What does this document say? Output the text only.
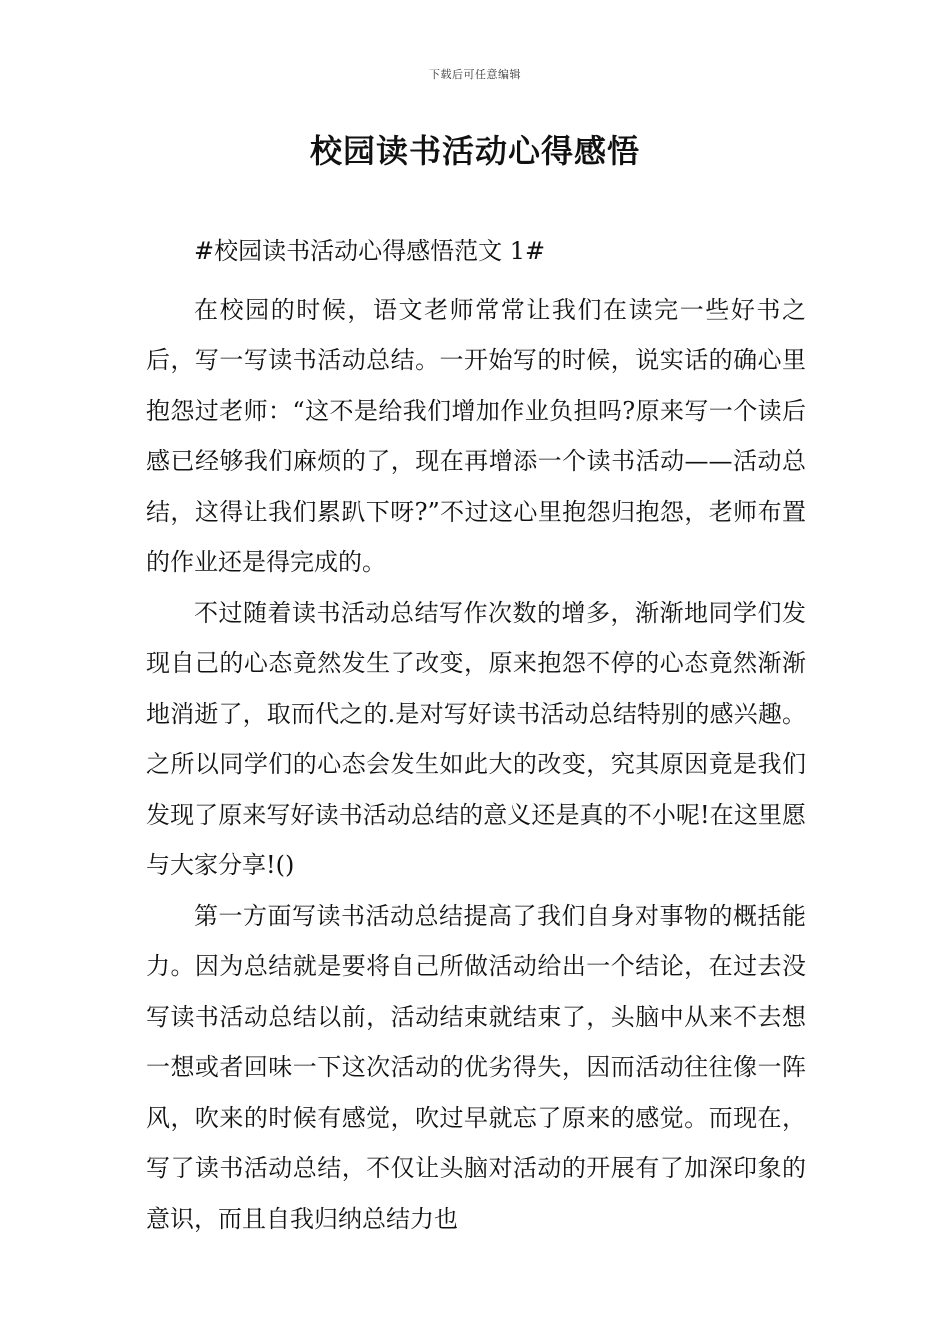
下载后可任意编辑
校园读书活动心得感悟

#校园读书活动心得感悟范文 1#

在校园的时候，语文老师常常让我们在读完一些好书之后，写一写读书活动总结。一开始写的时候，说实话的确心里抱怨过老师：“这不是给我们增加作业负担吗?原来写一个读后感已经够我们麻烦的了，现在再增添一个读书活动——活动总结，这得让我们累趴下呀?”不过这心里抱怨归抱怨，老师布置的作业还是得完成的。

不过随着读书活动总结写作次数的增多，渐渐地同学们发现自己的心态竟然发生了改变，原来抱怨不停的心态竟然渐渐地消逝了，取而代之的.是对写好读书活动总结特别的感兴趣。之所以同学们的心态会发生如此大的改变，究其原因竟是我们发现了原来写好读书活动总结的意义还是真的不小呢!在这里愿与大家分享!()

第一方面写读书活动总结提高了我们自身对事物的概括能力。因为总结就是要将自己所做活动给出一个结论，在过去没写读书活动总结以前，活动结束就结束了，头脑中从来不去想一想或者回味一下这次活动的优劣得失，因而活动往往像一阵风，吹来的时候有感觉，吹过早就忘了原来的感觉。而现在，写了读书活动总结，不仅让头脑对活动的开展有了加深印象的意识，而且自我归纳总结力也
